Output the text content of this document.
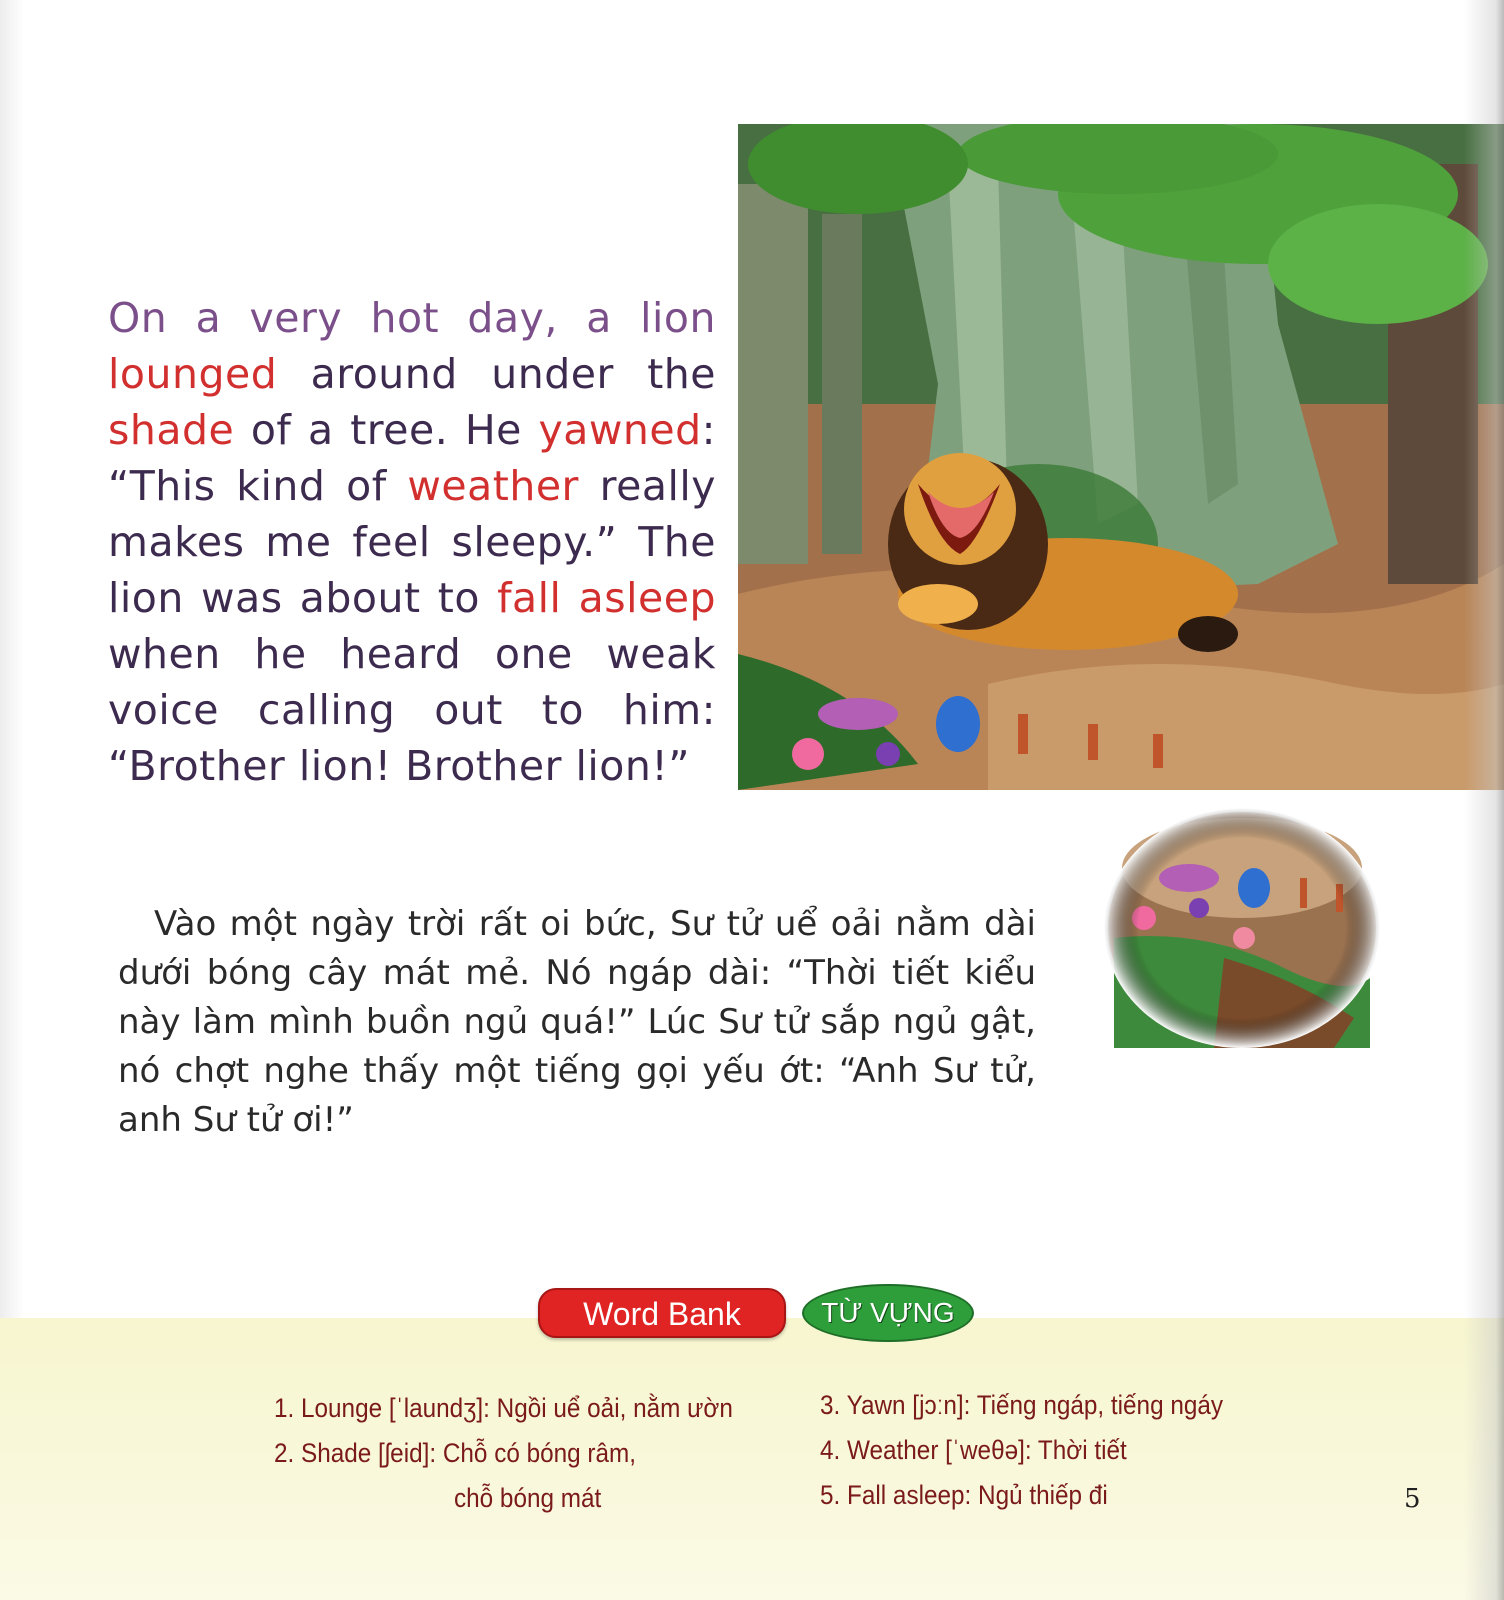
On a very hot day, a lion lounged around under the shade of a tree. He yawned: “This kind of weather really makes me feel sleepy.” The lion was about to fall asleep when he heard one weak voice calling out to him: “Brother lion! Brother lion!”

Vào một ngày trời rất oi bức, Sư tử uể oải nằm dài dưới bóng cây mát mẻ. Nó ngáp dài: “Thời tiết kiểu này làm mình buồn ngủ quá!” Lúc Sư tử sắp ngủ gật, nó chợt nghe thấy một tiếng gọi yếu ớt: “Anh Sư tử, anh Sư tử ơi!”

Word Bank	TỪ VỰNG
1. Lounge [ˈlaundʒ]: Ngồi uể oải, nằm ườn
2. Shade [ʃeid]: Chỗ có bóng râm,
chỗ bóng mát
3. Yawn [jɔːn]: Tiếng ngáp, tiếng ngáy
4. Weather [ˈweθə]: Thời tiết
5. Fall asleep: Ngủ thiếp đi	5
